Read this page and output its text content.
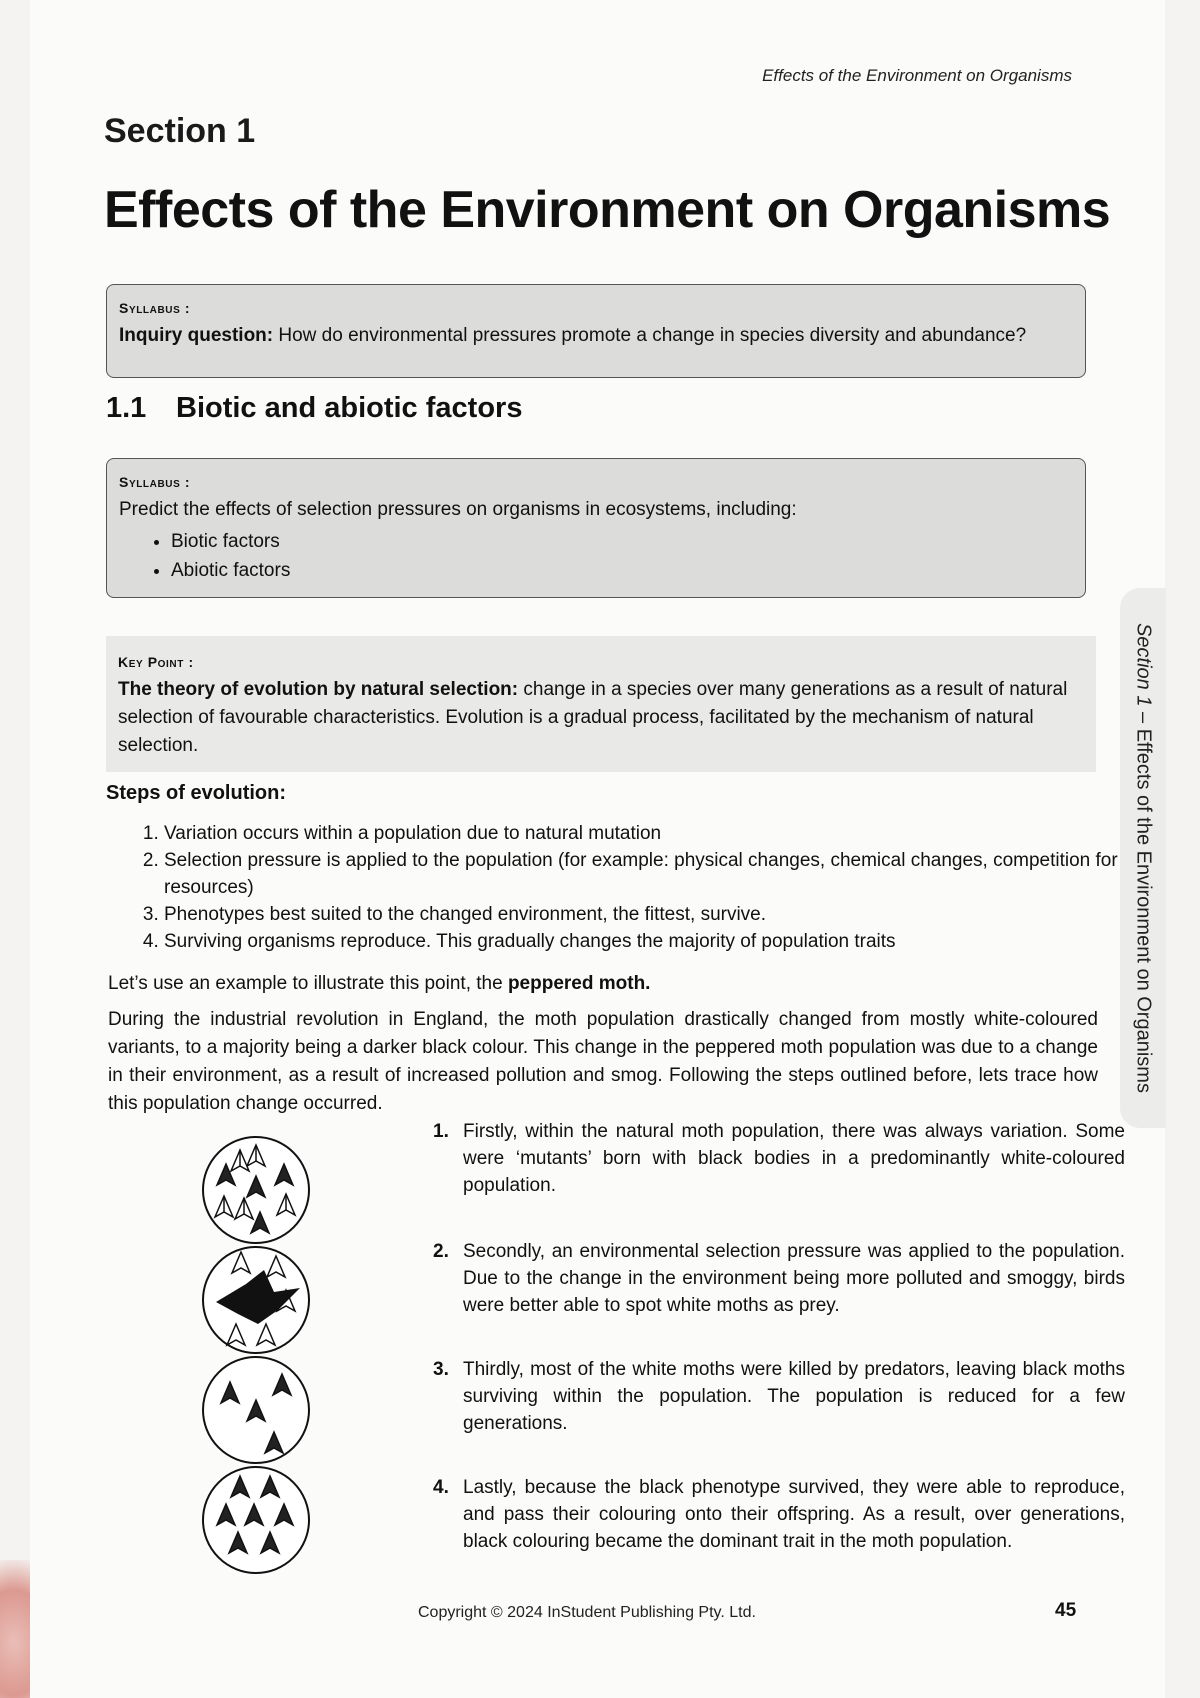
Effects of the Environment on Organisms
Section 1
Effects of the Environment on Organisms
Syllabus :
Inquiry question: How do environmental pressures promote a change in species diversity and abundance?
1.1 Biotic and abiotic factors
Syllabus :
Predict the effects of selection pressures on organisms in ecosystems, including:
• Biotic factors
• Abiotic factors
Key Point :
The theory of evolution by natural selection: change in a species over many generations as a result of natural selection of favourable characteristics. Evolution is a gradual process, facilitated by the mechanism of natural selection.
Steps of evolution:
1. Variation occurs within a population due to natural mutation
2. Selection pressure is applied to the population (for example: physical changes, chemical changes, competition for resources)
3. Phenotypes best suited to the changed environment, the fittest, survive.
4. Surviving organisms reproduce. This gradually changes the majority of population traits

Let’s use an example to illustrate this point, the peppered moth.

During the industrial revolution in England, the moth population drastically changed from mostly white-coloured variants, to a majority being a darker black colour. This change in the peppered moth population was due to a change in their environment, as a result of increased pollution and smog. Following the steps outlined before, lets trace how this population change occurred.

1. Firstly, within the natural moth population, there was always variation. Some were ‘mutants’ born with black bodies in a predominantly white-coloured population.
2. Secondly, an environmental selection pressure was applied to the population. Due to the change in the environment being more polluted and smoggy, birds were better able to spot white moths as prey.
3. Thirdly, most of the white moths were killed by predators, leaving black moths surviving within the population. The population is reduced for a few generations.
4. Lastly, because the black phenotype survived, they were able to reproduce, and pass their colouring onto their offspring. As a result, over generations, black colouring became the dominant trait in the moth population.
Section 1 – Effects of the Environment on Organisms
Copyright © 2024 InStudent Publishing Pty. Ltd.	45
